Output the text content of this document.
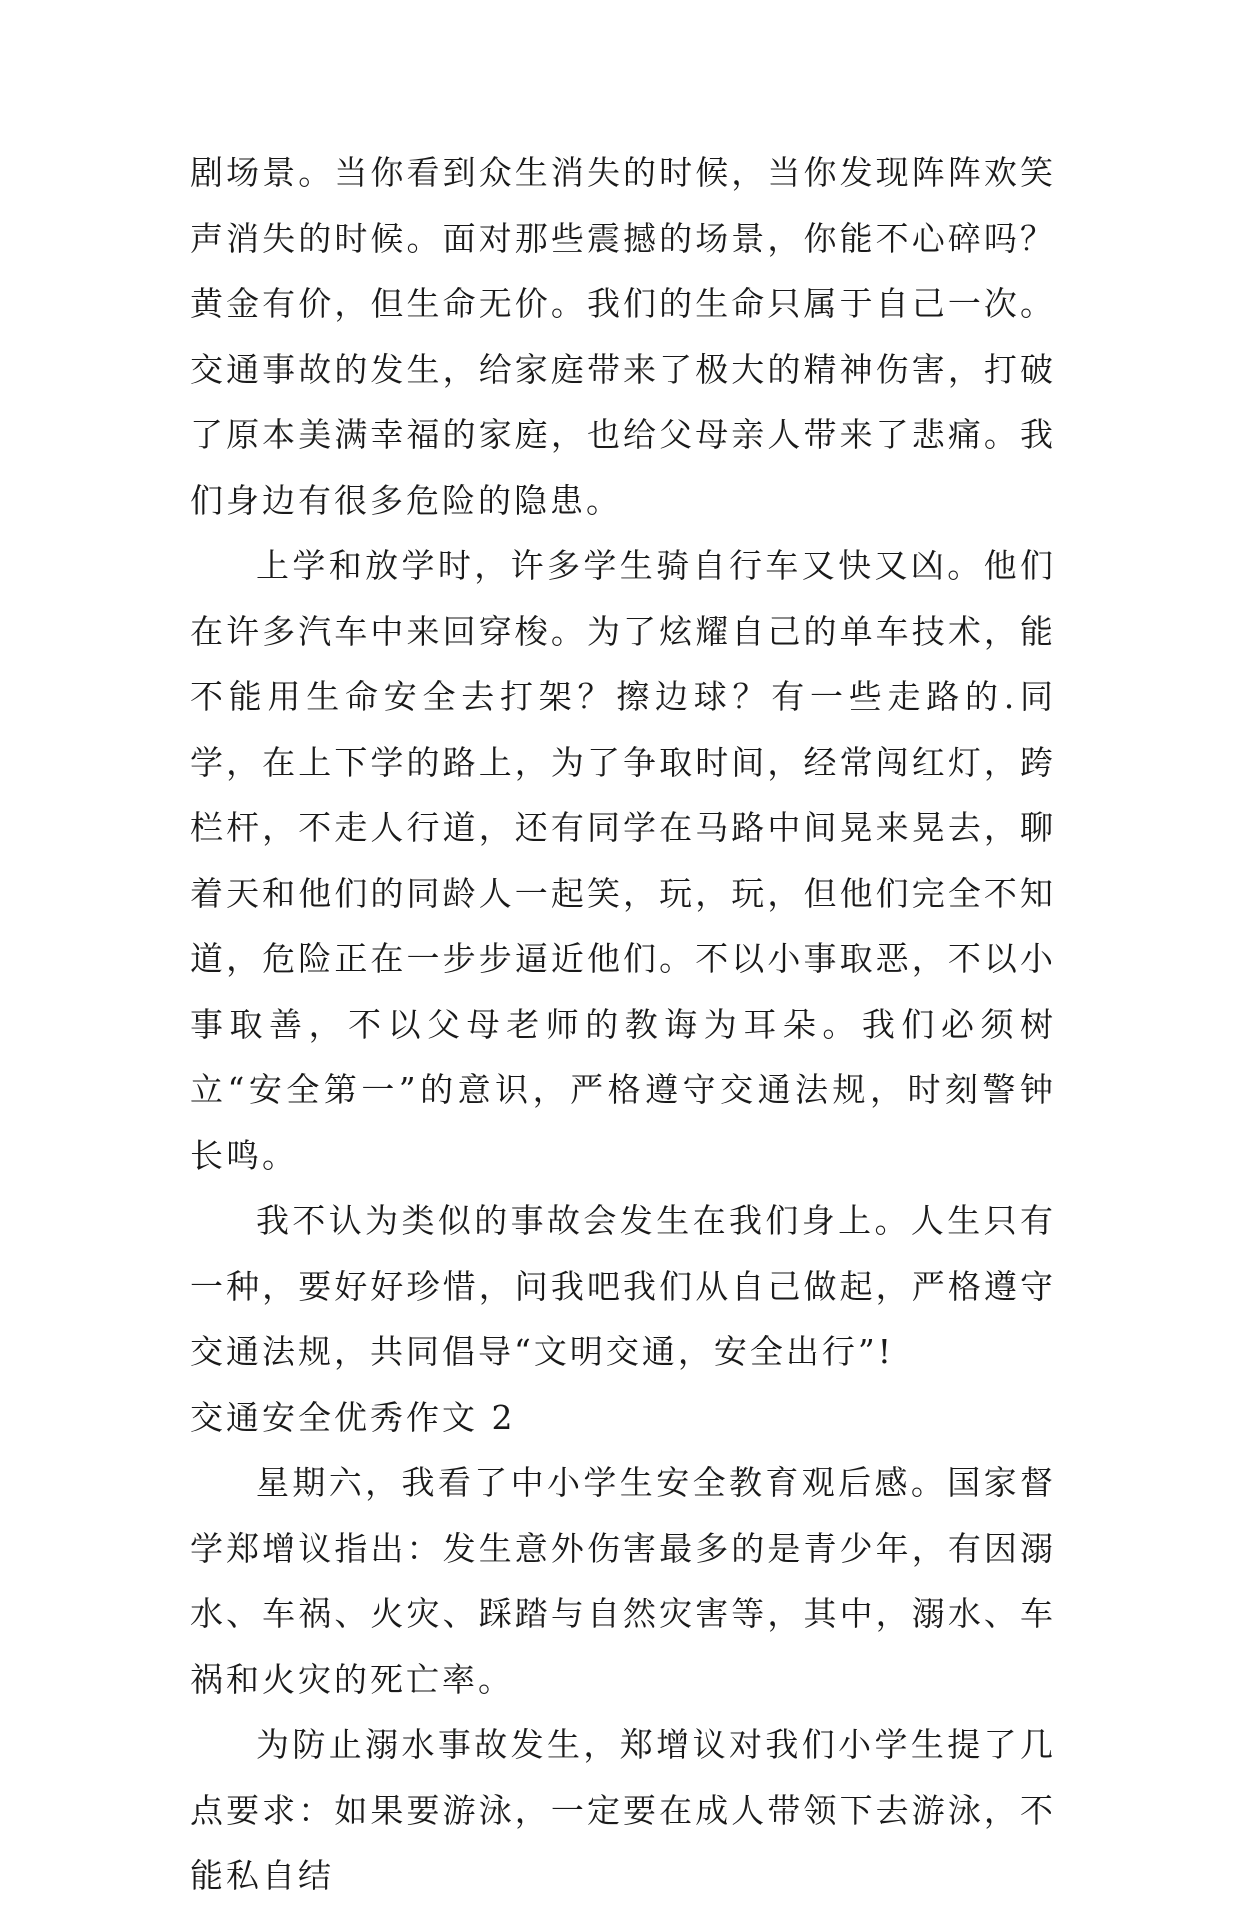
剧场景。当你看到众生消失的时候，当你发现阵阵欢笑声消失的时候。面对那些震撼的场景，你能不心碎吗？黄金有价，但生命无价。我们的生命只属于自己一次。交通事故的发生，给家庭带来了极大的精神伤害，打破了原本美满幸福的家庭，也给父母亲人带来了悲痛。我们身边有很多危险的隐患。

上学和放学时，许多学生骑自行车又快又凶。他们在许多汽车中来回穿梭。为了炫耀自己的单车技术，能不能用生命安全去打架？擦边球？有一些走路的.同学，在上下学的路上，为了争取时间，经常闯红灯，跨栏杆，不走人行道，还有同学在马路中间晃来晃去，聊着天和他们的同龄人一起笑，玩，玩，但他们完全不知道，危险正在一步步逼近他们。不以小事取恶，不以小事取善，不以父母老师的教诲为耳朵。我们必须树立“安全第一”的意识，严格遵守交通法规，时刻警钟长鸣。

我不认为类似的事故会发生在我们身上。人生只有一种，要好好珍惜，问我吧我们从自己做起，严格遵守交通法规，共同倡导“文明交通，安全出行”!

交通安全优秀作文 2

星期六，我看了中小学生安全教育观后感。国家督学郑增议指出：发生意外伤害最多的是青少年，有因溺水、车祸、火灾、踩踏与自然灾害等，其中，溺水、车祸和火灾的死亡率。

为防止溺水事故发生，郑增议对我们小学生提了几点要求：如果要游泳，一定要在成人带领下去游泳，不能私自结
